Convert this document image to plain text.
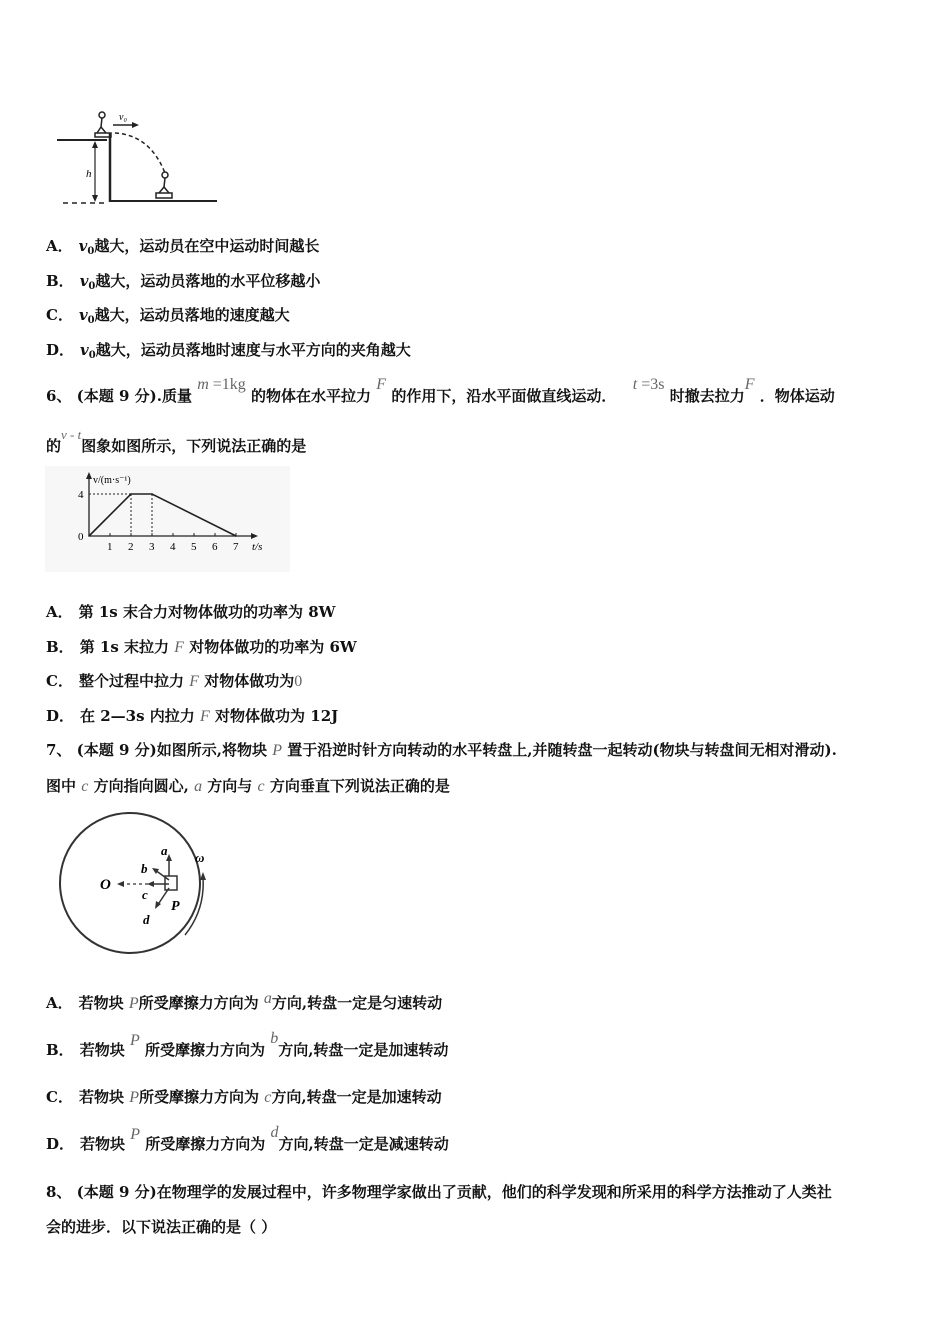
v₀
h
A． $v_0$越大，运动员在空中运动时间越长
B． $v_0$越大，运动员落地的水平位移越小
C． $v_0$越大，运动员落地的速度越大
D． $v_0$越大，运动员落地时速度与水平方向的夹角越大
6、 (本题 9 分).质量 m =1kg 的物体在水平拉力 F 的作用下，沿水平面做直线运动．  t =3s 时撤去拉力F ．物体运动
的v - t图象如图所示，下列说法正确的是
1 2 3 4 5 6 7
4
v/(m·s⁻¹)
t/s
0
A． 第 1s 末合力对物体做功的功率为 8W
B． 第 1s 末拉力 F 对物体做功的功率为 6W
C． 整个过程中拉力 F 对物体做功为0
D． 在 2—3s 内拉力 F 对物体做功为 12J
7、 (本题 9 分)如图所示,将物块 P 置于沿逆时针方向转动的水平转盘上,并随转盘一起转动(物块与转盘间无相对滑动).
图中 c 方向指向圆心, a 方向与 c 方向垂直下列说法正确的是
O
a
b
c
d
P
ω
A． 若物块 P所受摩擦力方向为 a方向,转盘一定是匀速转动
B． 若物块 P 所受摩擦力方向为 b方向,转盘一定是加速转动
C． 若物块 P所受摩擦力方向为 c方向,转盘一定是加速转动
D． 若物块 P 所受摩擦力方向为 d方向,转盘一定是减速转动
8、 (本题 9 分)在物理学的发展过程中，许多物理学家做出了贡献，他们的科学发现和所采用的科学方法推动了人类社
会的进步．以下说法正确的是（ ）
